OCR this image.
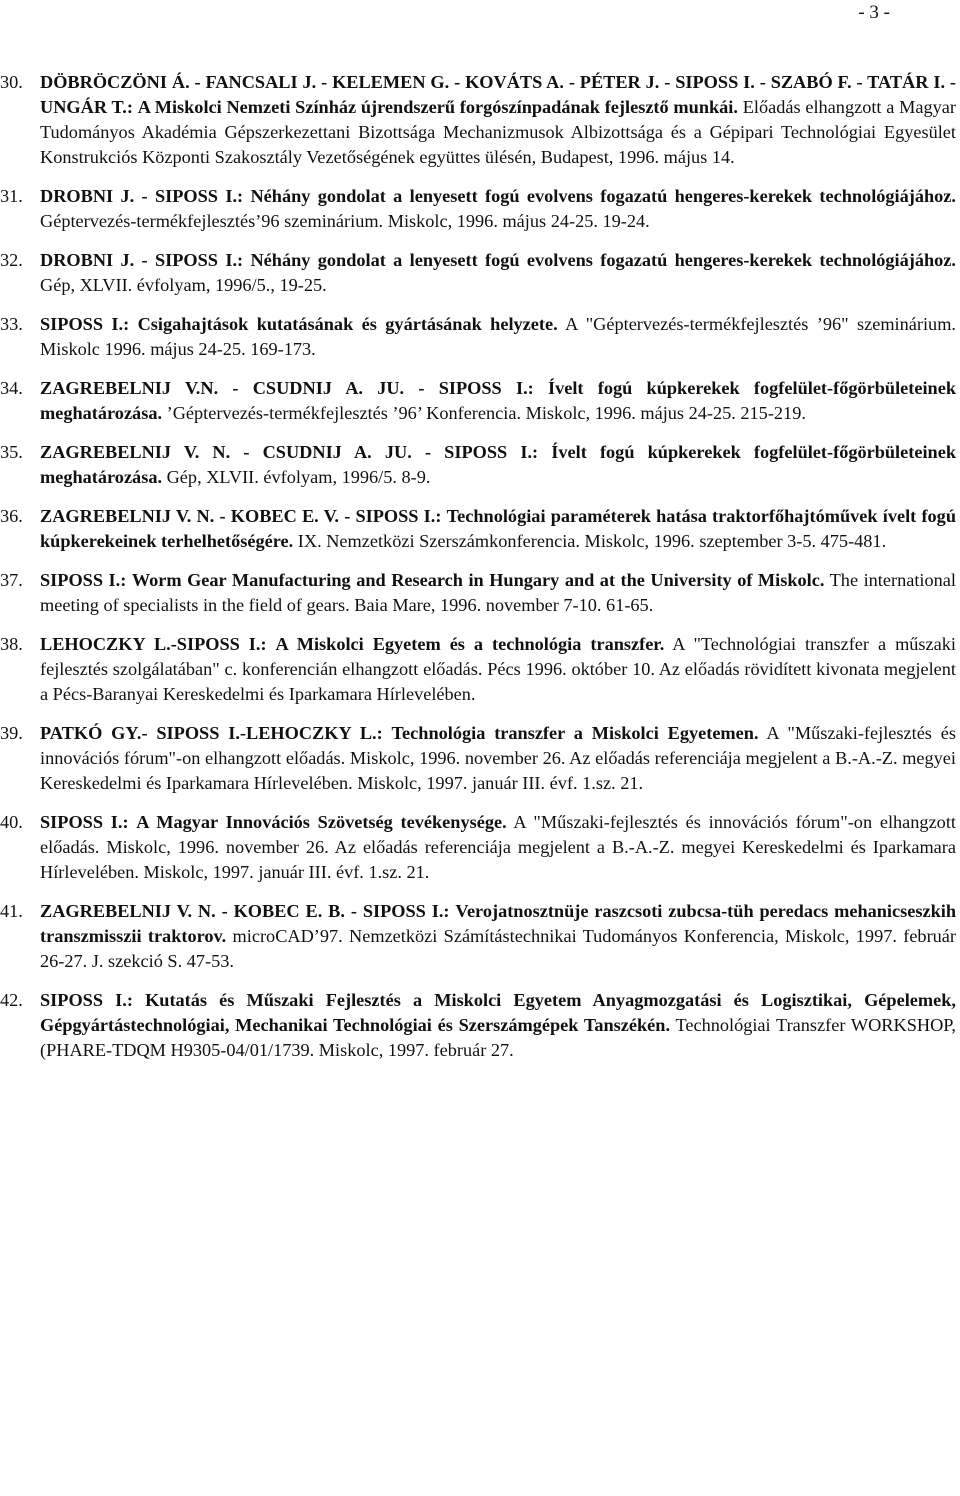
- 3 -
30. DÖBRÖCZÖNI Á. - FANCSALI J. - KELEMEN G. - KOVÁTS A. - PÉTER J. - SIPOSS I. - SZABÓ F. - TATÁR I. - UNGÁR T.: A Miskolci Nemzeti Színház újrendszerű forgószínpadának fejlesztő munkái. Előadás elhangzott a Magyar Tudományos Akadémia Gépszerkezettani Bizottsága Mechanizmusok Albizottsága és a Gépipari Technológiai Egyesület Konstrukciós Központi Szakosztály Vezetőségének együttes ülésén, Budapest, 1996. május 14.
31. DROBNI J. - SIPOSS I.: Néhány gondolat a lenyesett fogú evolvens fogazatú hengeres-kerekek technológiájához. Géptervezés-termékfejlesztés’96 szeminárium. Miskolc, 1996. május 24-25. 19-24.
32. DROBNI J. - SIPOSS I.: Néhány gondolat a lenyesett fogú evolvens fogazatú hengeres-kerekek technológiájához. Gép, XLVII. évfolyam, 1996/5., 19-25.
33. SIPOSS I.: Csigahajtások kutatásának és gyártásának helyzete. A "Géptervezés-termékfejlesztés ’96" szeminárium. Miskolc 1996. május 24-25. 169-173.
34. ZAGREBELNIJ V.N. - CSUDNIJ A. JU. - SIPOSS I.: Ívelt fogú kúpkerekek fogfelület-főgörbületeinek meghatározása. ’Géptervezés-termékfejlesztés ’96’ Konferencia. Miskolc, 1996. május 24-25. 215-219.
35. ZAGREBELNIJ V. N. - CSUDNIJ A. JU. - SIPOSS I.: Ívelt fogú kúpkerekek fogfelület-főgörbületeinek meghatározása. Gép, XLVII. évfolyam, 1996/5. 8-9.
36. ZAGREBELNIJ V. N. - KOBEC E. V. - SIPOSS I.: Technológiai paraméterek hatása traktorfőhajtóművek ívelt fogú kúpkerekeinek terhelhetőségére. IX. Nemzetközi Szerszámkonferencia. Miskolc, 1996. szeptember 3-5. 475-481.
37. SIPOSS I.: Worm Gear Manufacturing and Research in Hungary and at the University of Miskolc. The international meeting of specialists in the field of gears. Baia Mare, 1996. november 7-10. 61-65.
38. LEHOCZKY L.-SIPOSS I.: A Miskolci Egyetem és a technológia transzfer. A "Technológiai transzfer a műszaki fejlesztés szolgálatában" c. konferencián elhangzott előadás. Pécs 1996. október 10. Az előadás rövidített kivonata megjelent a Pécs-Baranyai Kereskedelmi és Iparkamara Hírlevelében.
39. PATKÓ GY.- SIPOSS I.-LEHOCZKY L.: Technológia transzfer a Miskolci Egyetemen. A "Műszaki-fejlesztés és innovációs fórum"-on elhangzott előadás. Miskolc, 1996. november 26. Az előadás referenciája megjelent a B.-A.-Z. megyei Kereskedelmi és Iparkamara Hírlevelében. Miskolc, 1997. január III. évf. 1.sz. 21.
40. SIPOSS I.: A Magyar Innovációs Szövetség tevékenysége. A "Műszaki-fejlesztés és innovációs fórum"-on elhangzott előadás. Miskolc, 1996. november 26. Az előadás referenciája megjelent a B.-A.-Z. megyei Kereskedelmi és Iparkamara Hírlevelében. Miskolc, 1997. január III. évf. 1.sz. 21.
41. ZAGREBELNIJ V. N. - KOBEC E. B. - SIPOSS I.: Verojatnosztnüje raszcsoti zubcsa-tüh peredacs mehanicseszkih transzmisszii traktorov. microCAD’97. Nemzetközi Számítástechnikai Tudományos Konferencia, Miskolc, 1997. február 26-27. J. szekció S. 47-53.
42. SIPOSS I.: Kutatás és Műszaki Fejlesztés a Miskolci Egyetem Anyagmozgatási és Logisztikai, Gépelemek, Gépgyártástechnológiai, Mechanikai Technológiai és Szerszámgépek Tanszékén. Technológiai Transzfer WORKSHOP, (PHARE-TDQM H9305-04/01/1739. Miskolc, 1997. február 27.
